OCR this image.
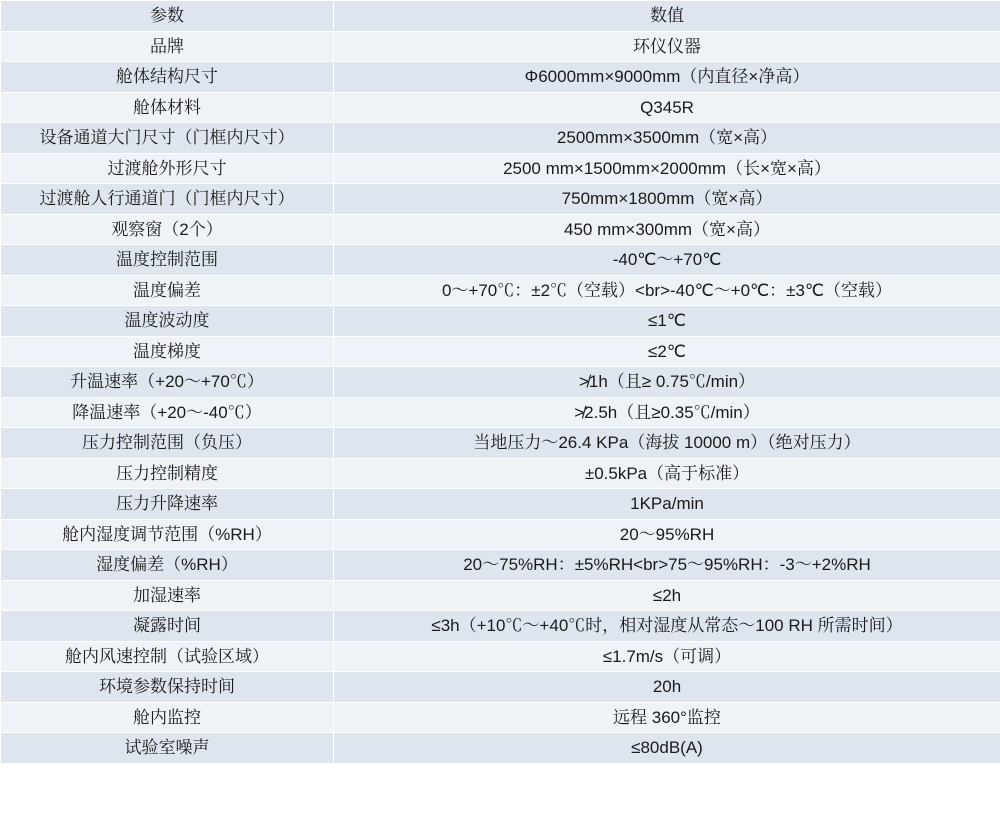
参数	数值
品牌	环仪仪器
舱体结构尺寸	Φ6000mm×9000mm（内直径×净高）
舱体材料	Q345R
设备通道大门尺寸（门框内尺寸）	2500mm×3500mm（宽×高）
过渡舱外形尺寸	2500 mm×1500mm×2000mm（长×宽×高）
过渡舱人行通道门（门框内尺寸）	750mm×1800mm（宽×高）
观察窗（2个）	450 mm×300mm（宽×高）
温度控制范围	-40℃～+70℃
温度偏差	0～+70℃：±2℃（空载）<br>-40℃～+0℃：±3℃（空载）
温度波动度	≤1℃
温度梯度	≤2℃
升温速率（+20～+70℃）	≯1h（且≥ 0.75℃/min）
降温速率（+20～-40℃）	≯2.5h（且≥0.35℃/min）
压力控制范围（负压）	当地压力～26.4 KPa（海拔 10000 m）（绝对压力）
压力控制精度	±0.5kPa（高于标准）
压力升降速率	1KPa/min
舱内湿度调节范围（%RH）	20～95%RH
湿度偏差（%RH）	20～75%RH：±5%RH<br>75～95%RH：-3～+2%RH
加湿速率	≤2h
凝露时间	≤3h（+10℃～+40℃时，相对湿度从常态～100 RH 所需时间）
舱内风速控制（试验区域）	≤1.7m/s（可调）
环境参数保持时间	20h
舱内监控	远程 360°监控
试验室噪声	≤80dB(A)
